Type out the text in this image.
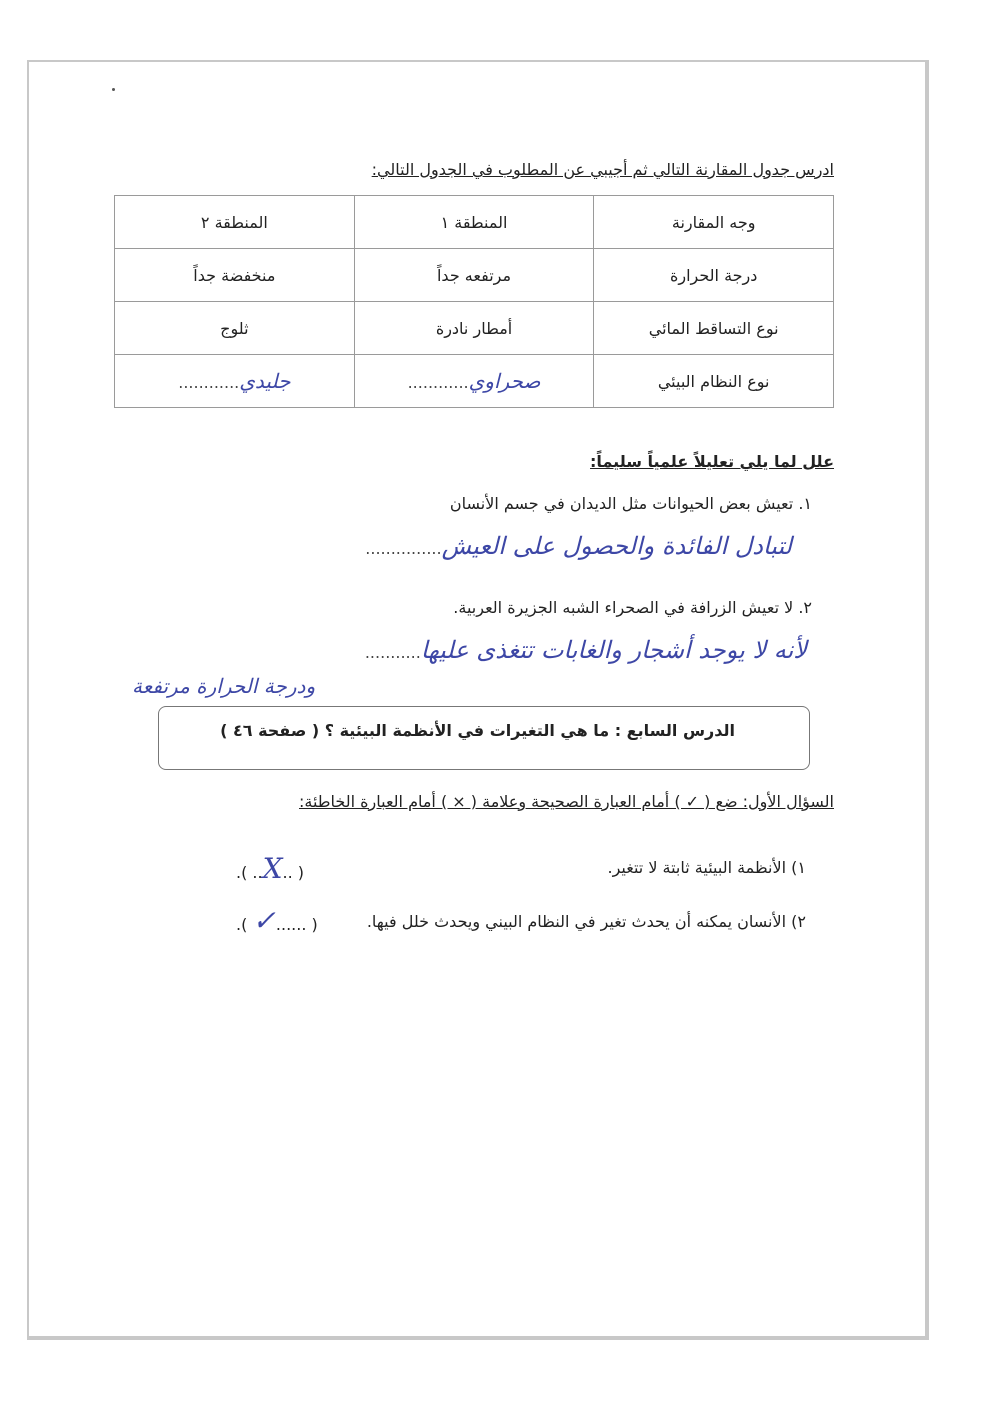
ادرس جدول المقارنة التالي ثم أجيبي عن المطلوب في الجدول التالي:
وجه المقارنة	المنطقة ١	المنطقة ٢
درجة الحرارة	مرتفعه جداً	منخفضة جداً
نوع التساقط المائي	أمطار نادرة	ثلوج
نوع النظام البيئي	صحراوي............	جليدي............
علل لما يلي تعليلاً علمياً سليماً:
١. تعيش بعض الحيوانات مثل الديدان في جسم الأنسان
لتبادل الفائدة والحصول على العيش...............
٢. لا تعيش الزرافة في الصحراء الشبه الجزيرة العربية.
لأنه لا يوجد أشجار والغابات تتغذى عليها...........
ودرجة الحرارة مرتفعة
الدرس السابع : ما هي التغيرات في الأنظمة البيئية ؟ ( صفحة ٤٦ )
السؤال الأول: ضع ( ✓ ) أمام العبارة الصحيحة وعلامة ( × ) أمام العبارة الخاطئة:
١) الأنظمة البيئية ثابتة لا تتغير.
.( ..X.. )
٢) الأنسان يمكنه أن يحدث تغير في النظام البيني ويحدث خلل فيها.
.( ✓...... )
